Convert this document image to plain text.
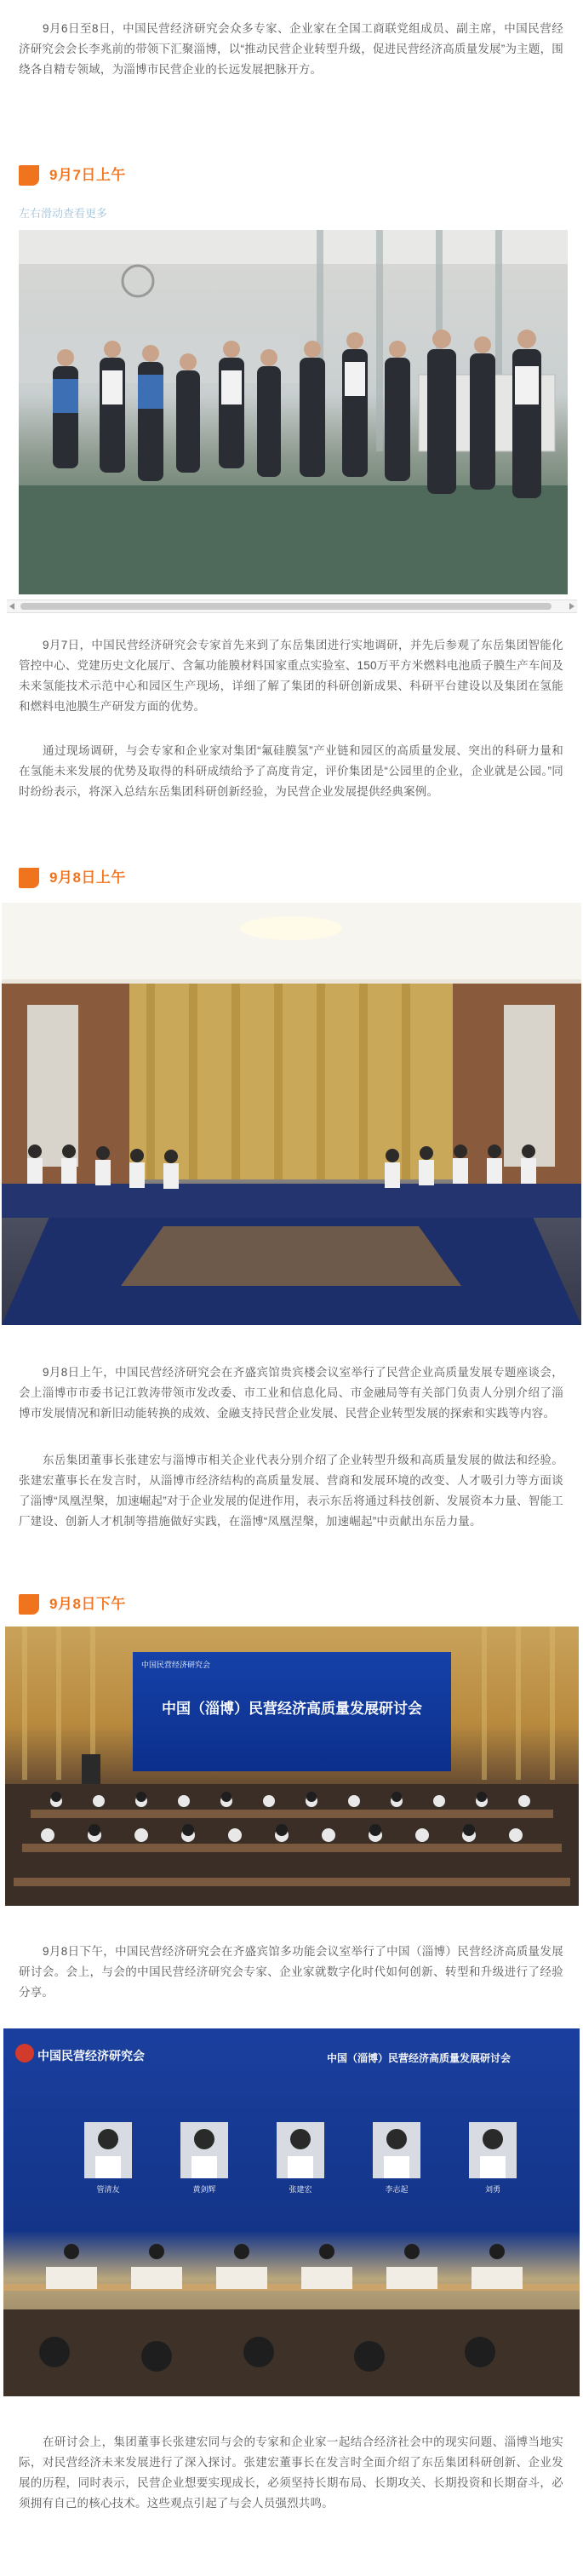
9月6日至8日，中国民营经济研究会众多专家、企业家在全国工商联党组成员、副主席，中国民营经济研究会会长李兆前的带领下汇聚淄博，以“推动民营企业转型升级，促进民营经济高质量发展”为主题，围绕各自精专领域，为淄博市民营企业的长远发展把脉开方。

9月7日上午
左右滑动查看更多

9月7日，中国民营经济研究会专家首先来到了东岳集团进行实地调研，并先后参观了东岳集团智能化管控中心、党建历史文化展厅、含氟功能膜材料国家重点实验室、150万平方米燃料电池质子膜生产车间及未来氢能技术示范中心和园区生产现场，详细了解了集团的科研创新成果、科研平台建设以及集团在氢能和燃料电池膜生产研发方面的优势。

通过现场调研，与会专家和企业家对集团“氟硅膜氢”产业链和园区的高质量发展、突出的科研力量和在氢能未来发展的优势及取得的科研成绩给予了高度肯定，评价集团是“公园里的企业，企业就是公园。”同时纷纷表示，将深入总结东岳集团科研创新经验，为民营企业发展提供经典案例。

9月8日上午

9月8日上午，中国民营经济研究会在齐盛宾馆贵宾楼会议室举行了民营企业高质量发展专题座谈会，会上淄博市市委书记江敦涛带领市发改委、市工业和信息化局、市金融局等有关部门负责人分别介绍了淄博市发展情况和新旧动能转换的成效、金融支持民营企业发展、民营企业转型发展的探索和实践等内容。

东岳集团董事长张建宏与淄博市相关企业代表分别介绍了企业转型升级和高质量发展的做法和经验。张建宏董事长在发言时，从淄博市经济结构的高质量发展、营商和发展环境的改变、人才吸引力等方面谈了淄博“凤凰涅槃，加速崛起”对于企业发展的促进作用，表示东岳将通过科技创新、发展资本力量、智能工厂建设、创新人才机制等措施做好实践，在淄博“凤凰涅槃，加速崛起”中贡献出东岳力量。

9月8日下午
中国民营经济研究会
中国（淄博）民营经济高质量发展研讨会

9月8日下午，中国民营经济研究会在齐盛宾馆多功能会议室举行了中国（淄博）民营经济高质量发展研讨会。会上，与会的中国民营经济研究会专家、企业家就数字化时代如何创新、转型和升级进行了经验分享。

中国民营经济研究会	中国（淄博）民营经济高质量发展研讨会
管清友	黄剑辉	张建宏	李志起	刘勇

在研讨会上，集团董事长张建宏同与会的专家和企业家一起结合经济社会中的现实问题、淄博当地实际，对民营经济未来发展进行了深入探讨。张建宏董事长在发言时全面介绍了东岳集团科研创新、企业发展的历程，同时表示，民营企业想要实现成长，必须坚持长期布局、长期攻关、长期投资和长期奋斗，必须拥有自己的核心技术。这些观点引起了与会人员强烈共鸣。
